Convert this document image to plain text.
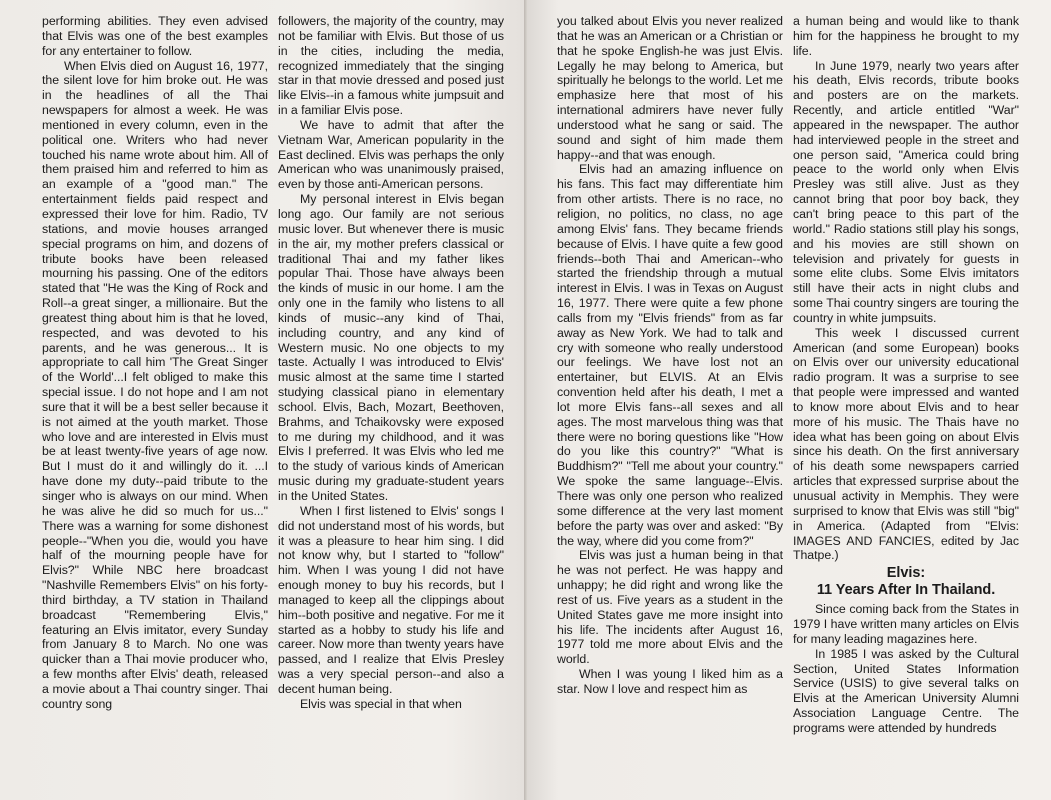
performing abilities. They even advised that Elvis was one of the best examples for any entertainer to follow.

When Elvis died on August 16, 1977, the silent love for him broke out. He was in the headlines of all the Thai newspapers for almost a week. He was mentioned in every column, even in the political one. Writers who had never touched his name wrote about him. All of them praised him and referred to him as an example of a "good man." The entertainment fields paid respect and expressed their love for him. Radio, TV stations, and movie houses arranged special programs on him, and dozens of tribute books have been released mourning his passing. One of the editors stated that "He was the King of Rock and Roll--a great singer, a millionaire. But the greatest thing about him is that he loved, respected, and was devoted to his parents, and he was generous... It is appropriate to call him 'The Great Singer of the World'...I felt obliged to make this special issue. I do not hope and I am not sure that it will be a best seller because it is not aimed at the youth market. Those who love and are interested in Elvis must be at least twenty-five years of age now. But I must do it and willingly do it. ...I have done my duty--paid tribute to the singer who is always on our mind. When he was alive he did so much for us..." There was a warning for some dishonest people--"When you die, would you have half of the mourning people have for Elvis?" While NBC here broadcast "Nashville Remembers Elvis" on his forty-third birthday, a TV station in Thailand broadcast "Remembering Elvis," featuring an Elvis imitator, every Sunday from January 8 to March. No one was quicker than a Thai movie producer who, a few months after Elvis' death, released a movie about a Thai country singer. Thai country song

followers, the majority of the country, may not be familiar with Elvis. But those of us in the cities, including the media, recognized immediately that the singing star in that movie dressed and posed just like Elvis--in a famous white jumpsuit and in a familiar Elvis pose.

We have to admit that after the Vietnam War, American popularity in the East declined. Elvis was perhaps the only American who was unanimously praised, even by those anti-American persons.

My personal interest in Elvis began long ago. Our family are not serious music lover. But whenever there is music in the air, my mother prefers classical or traditional Thai and my father likes popular Thai. Those have always been the kinds of music in our home. I am the only one in the family who listens to all kinds of music--any kind of Thai, including country, and any kind of Western music. No one objects to my taste. Actually I was introduced to Elvis' music almost at the same time I started studying classical piano in elementary school. Elvis, Bach, Mozart, Beethoven, Brahms, and Tchaikovsky were exposed to me during my childhood, and it was Elvis I preferred. It was Elvis who led me to the study of various kinds of American music during my graduate-student years in the United States.

When I first listened to Elvis' songs I did not understand most of his words, but it was a pleasure to hear him sing. I did not know why, but I started to "follow" him. When I was young I did not have enough money to buy his records, but I managed to keep all the clippings about him--both positive and negative. For me it started as a hobby to study his life and career. Now more than twenty years have passed, and I realize that Elvis Presley was a very special person--and also a decent human being.

Elvis was special in that when

you talked about Elvis you never realized that he was an American or a Christian or that he spoke English-he was just Elvis. Legally he may belong to America, but spiritually he belongs to the world. Let me emphasize here that most of his international admirers have never fully understood what he sang or said. The sound and sight of him made them happy--and that was enough.

Elvis had an amazing influence on his fans. This fact may differentiate him from other artists. There is no race, no religion, no politics, no class, no age among Elvis' fans. They became friends because of Elvis. I have quite a few good friends--both Thai and American--who started the friendship through a mutual interest in Elvis. I was in Texas on August 16, 1977. There were quite a few phone calls from my "Elvis friends" from as far away as New York. We had to talk and cry with someone who really understood our feelings. We have lost not an entertainer, but ELVIS. At an Elvis convention held after his death, I met a lot more Elvis fans--all sexes and all ages. The most marvelous thing was that there were no boring questions like "How do you like this country?" "What is Buddhism?" "Tell me about your country." We spoke the same language--Elvis. There was only one person who realized some difference at the very last moment before the party was over and asked: "By the way, where did you come from?"

Elvis was just a human being in that he was not perfect. He was happy and unhappy; he did right and wrong like the rest of us. Five years as a student in the United States gave me more insight into his life. The incidents after August 16, 1977 told me more about Elvis and the world.

When I was young I liked him as a star. Now I love and respect him as

a human being and would like to thank him for the happiness he brought to my life.

In June 1979, nearly two years after his death, Elvis records, tribute books and posters are on the markets. Recently, and article entitled "War" appeared in the newspaper. The author had interviewed people in the street and one person said, "America could bring peace to the world only when Elvis Presley was still alive. Just as they cannot bring that poor boy back, they can't bring peace to this part of the world." Radio stations still play his songs, and his movies are still shown on television and privately for guests in some elite clubs. Some Elvis imitators still have their acts in night clubs and some Thai country singers are touring the country in white jumpsuits.

This week I discussed current American (and some European) books on Elvis over our university educational radio program. It was a surprise to see that people were impressed and wanted to know more about Elvis and to hear more of his music. The Thais have no idea what has been going on about Elvis since his death. On the first anniversary of his death some newspapers carried articles that expressed surprise about the unusual activity in Memphis. They were surprised to know that Elvis was still "big" in America. (Adapted from "Elvis: IMAGES AND FANCIES, edited by Jac Thatpe.)

Elvis:
11 Years After In Thailand.

Since coming back from the States in 1979 I have written many articles on Elvis for many leading magazines here.

In 1985 I was asked by the Cultural Section, United States Information Service (USIS) to give several talks on Elvis at the American University Alumni Association Language Centre. The programs were attended by hundreds
